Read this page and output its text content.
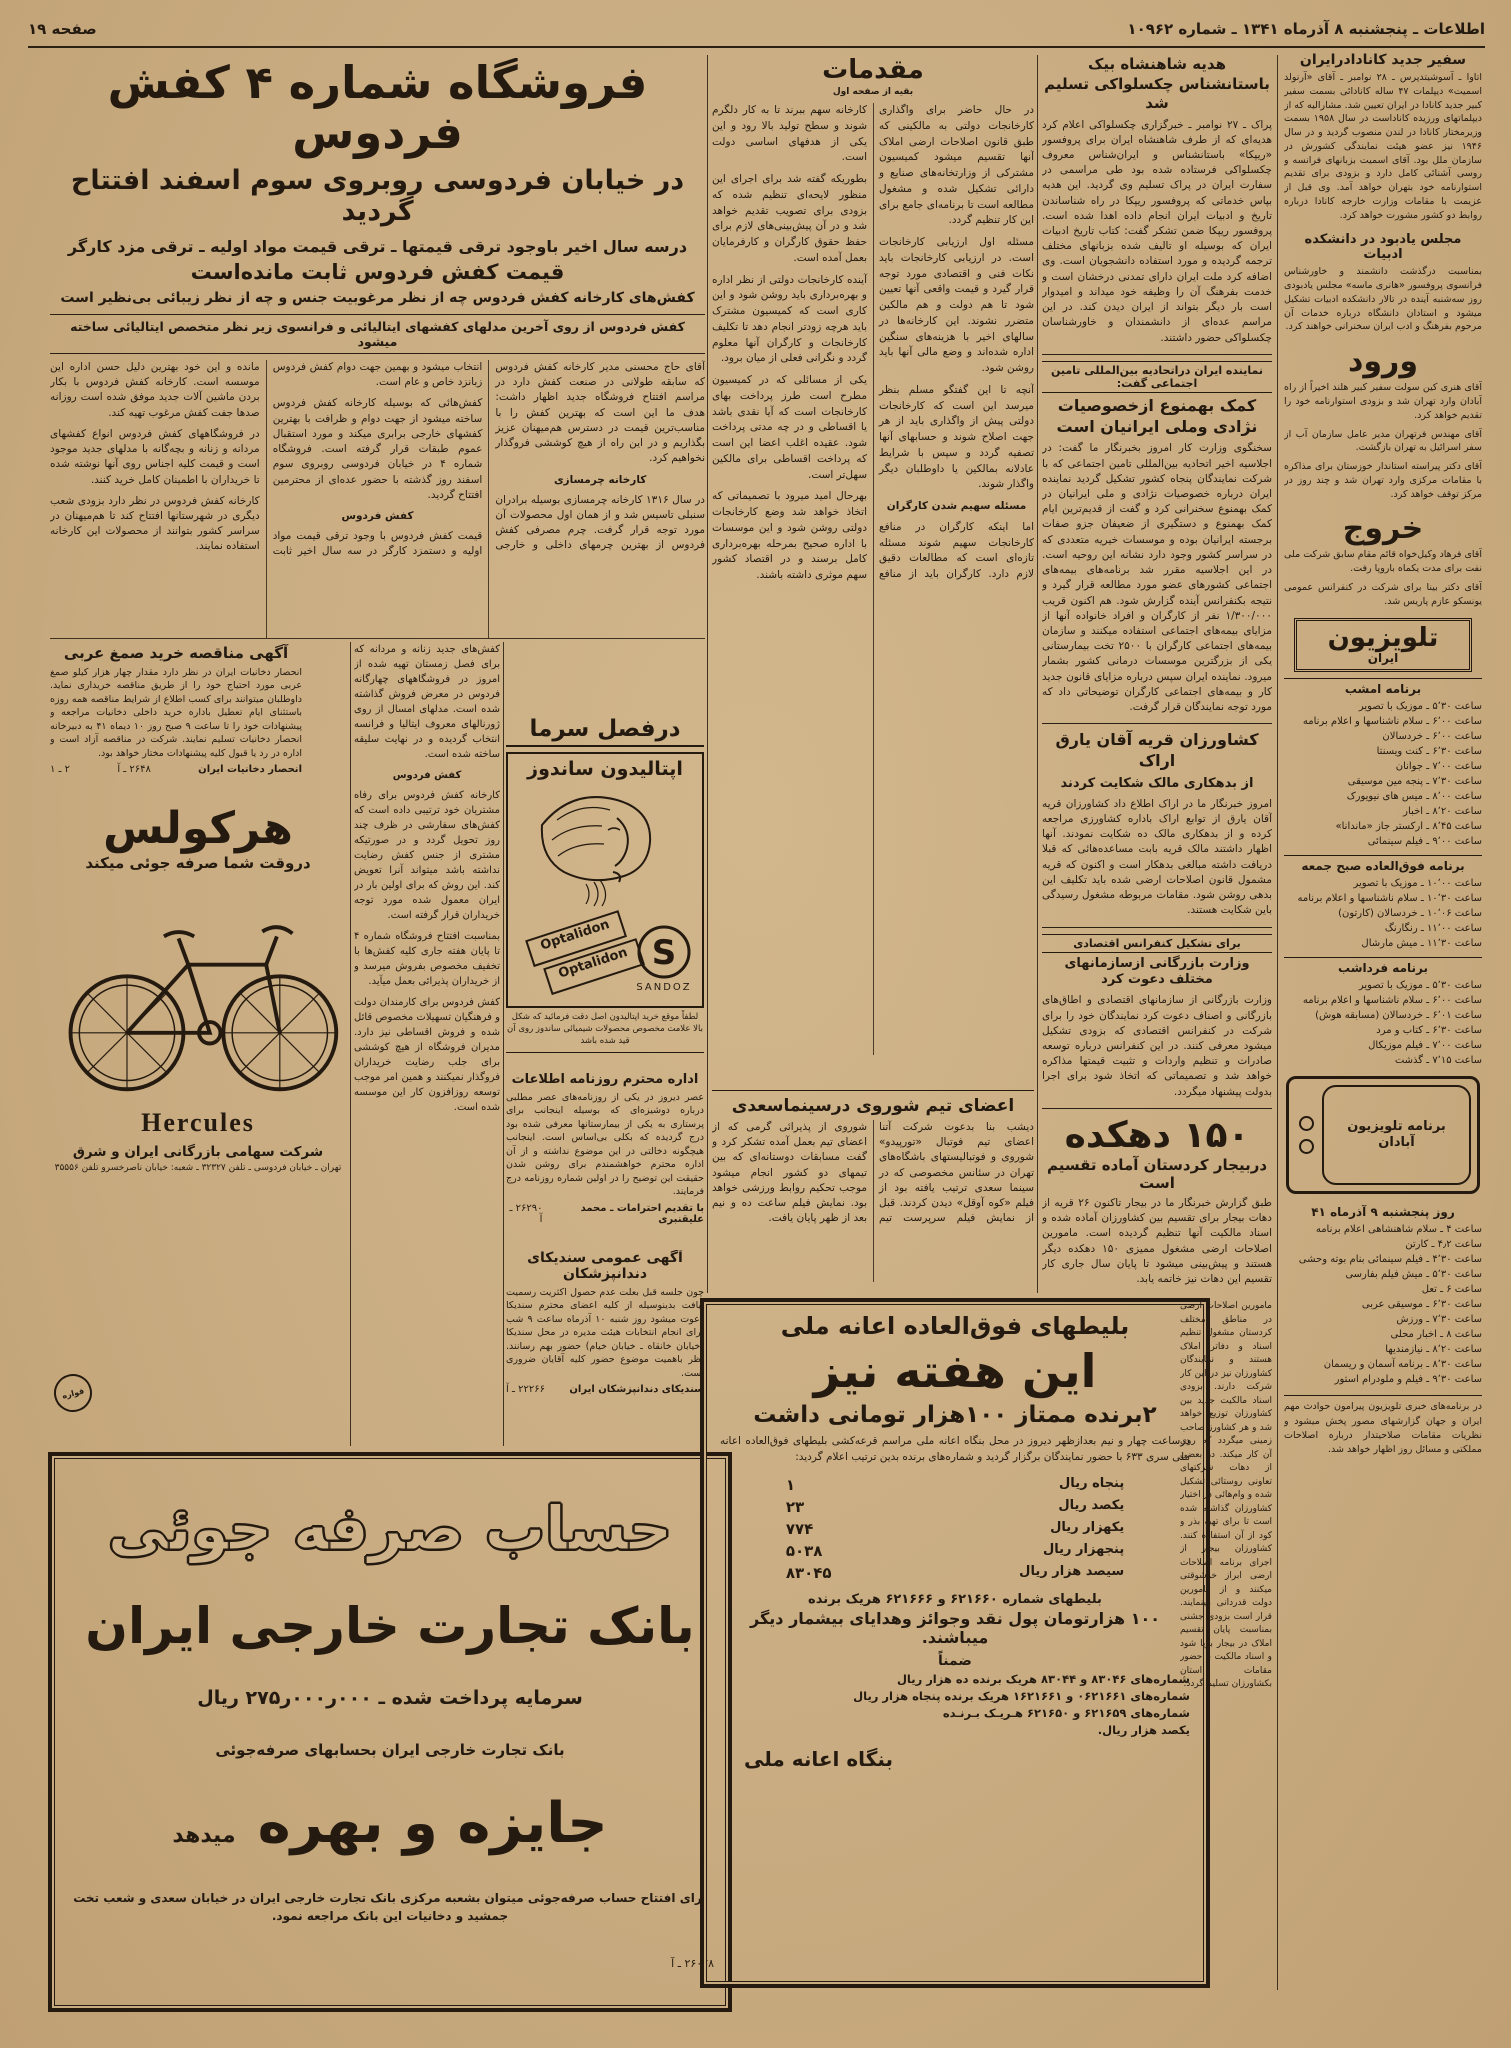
اطلاعات ـ پنجشنبه ۸ آذرماه ۱۳۴۱ ـ شماره ۱۰۹۶۲
صفحه ۱۹
فروشگاه شماره ۴ کفش فردوس
در خیابان فردوسی روبروی سوم اسفند افتتاح گردید
درسه سال اخیر باوجود ترقی قیمتها ـ ترقی قیمت مواد اولیه ـ ترقی مزد کارگر
قیمت کفش فردوس ثابت مانده‌است
کفش‌های کارخانه کفش فردوس چه از نظر مرغوبیت جنس و چه از نظر زیبائی بی‌نظیر است
کفش فردوس از روی آخرین مدلهای کفشهای ایتالیائی و فرانسوی زیر نظر متخصص ایتالیائی ساخته میشود

آقای حاج محسنی مدیر کارخانه کفش فردوس که سابقه طولانی در صنعت کفش دارد در مراسم افتتاح فروشگاه جدید اظهار داشت: هدف ما این است که بهترین کفش را با مناسب‌ترین قیمت در دسترس هم‌میهنان عزیز بگذاریم و در این راه از هیچ کوششی فروگذار نخواهیم کرد.

کارخانه چرمسازی

در سال ۱۳۱۶ کارخانه چرمسازی بوسیله برادران سنبلی تاسیس شد و از همان اول محصولات آن مورد توجه قرار گرفت. چرم مصرفی کفش فردوس از بهترین چرمهای داخلی و خارجی انتخاب میشود و بهمین جهت دوام کفش فردوس زبانزد خاص و عام است.

کفش‌هائی که بوسیله کارخانه کفش فردوس ساخته میشود از جهت دوام و ظرافت با بهترین کفشهای خارجی برابری میکند و مورد استقبال عموم طبقات قرار گرفته است. فروشگاه شماره ۴ در خیابان فردوسی روبروی سوم اسفند روز گذشته با حضور عده‌ای از محترمین افتتاح گردید.

کفش فردوس

قیمت کفش فردوس با وجود ترقی قیمت مواد اولیه و دستمزد کارگر در سه سال اخیر ثابت مانده و این خود بهترین دلیل حسن اداره این موسسه است. کارخانه کفش فردوس با بکار بردن ماشین آلات جدید موفق شده است روزانه صدها جفت کفش مرغوب تهیه کند.

در فروشگاههای کفش فردوس انواع کفشهای مردانه و زنانه و بچه‌گانه با مدلهای جدید موجود است و قیمت کلیه اجناس روی آنها نوشته شده تا خریداران با اطمینان کامل خرید کنند.

کارخانه کفش فردوس در نظر دارد بزودی شعب دیگری در شهرستانها افتتاح کند تا هم‌میهنان در سراسر کشور بتوانند از محصولات این کارخانه استفاده نمایند.

آگهی مناقصه خرید صمغ عربی
انحصار دخانیات ایران در نظر دارد مقدار چهار هزار کیلو صمغ عربی مورد احتیاج خود را از طریق مناقصه خریداری نماید. داوطلبان میتوانند برای کسب اطلاع از شرایط مناقصه همه روزه باستثنای ایام تعطیل باداره خرید داخلی دخانیات مراجعه و پیشنهادات خود را تا ساعت ۹ صبح روز ۱۰ دیماه ۴۱ به دبیرخانه انحصار دخانیات تسلیم نمایند. شرکت در مناقصه آزاد است و اداره در رد یا قبول کلیه پیشنهادات مختار خواهد بود.
انحصار دخانیات ایران
۲۶۴۸ ـ آ
۲ ـ ۱
هرکولس
دروقت شما صرفه جوئی میکند
Hercules
شرکت سهامی بازرگانی ایران و شرق
تهران ـ خیابان فردوسی ـ تلفن ۳۲۳۲۷ ـ شعبه: خیابان ناصرخسرو تلفن ۳۵۵۵۶
قواره

کفش‌های جدید زنانه و مردانه که برای فصل زمستان تهیه شده از امروز در فروشگاههای چهارگانه فردوس در معرض فروش گذاشته شده است. مدلهای امسال از روی ژورنالهای معروف ایتالیا و فرانسه انتخاب گردیده و در نهایت سلیقه ساخته شده است.

کفش فردوس

کارخانه کفش فردوس برای رفاه مشتریان خود ترتیبی داده است که کفش‌های سفارشی در ظرف چند روز تحویل گردد و در صورتیکه مشتری از جنس کفش رضایت نداشته باشد میتواند آنرا تعویض کند. این روش که برای اولین بار در ایران معمول شده مورد توجه خریداران قرار گرفته است.

بمناسبت افتتاح فروشگاه شماره ۴ تا پایان هفته جاری کلیه کفش‌ها با تخفیف مخصوص بفروش میرسد و از خریداران پذیرائی بعمل میآید.

کفش فردوس برای کارمندان دولت و فرهنگیان تسهیلات مخصوص قائل شده و فروش اقساطی نیز دارد. مدیران فروشگاه از هیچ کوششی برای جلب رضایت خریداران فروگذار نمیکنند و همین امر موجب توسعه روزافزون کار این موسسه شده است.

درفصل سرما
اپتالیدون ساندوز
Optalidon
Optalidon S
SANDOZ
لطفاً موقع خرید اپتالیدون اصل دقت فرمائید که شکل بالا علامت مخصوص محصولات شیمیائی ساندوز روی آن قید شده باشد
اداره محترم روزنامه اطلاعات
عصر دیروز در یکی از روزنامه‌های عصر مطلبی درباره دوشیزه‌ای که بوسیله اینجانب برای پرستاری به یکی از بیمارستانها معرفی شده بود درج گردیده که بکلی بی‌اساس است. اینجانب هیچگونه دخالتی در این موضوع نداشته و از آن اداره محترم خواهشمندم برای روشن شدن حقیقت این توضیح را در اولین شماره روزنامه درج فرمایند.
با تقدیم احترامات ـ محمد علیقنبری
۲۶۲۹۰ ـ آ
آگهی عمومی سندیکای دندانپزشکان
چون جلسه قبل بعلت عدم حصول اکثریت رسمیت نیافت بدینوسیله از کلیه اعضای محترم سندیکا دعوت میشود روز شنبه ۱۰ آذرماه ساعت ۹ شب برای انجام انتخابات هیئت مدیره در محل سندیکا (خیابان خانقاه ـ خیابان خیام) حضور بهم رسانند. نظر باهمیت موضوع حضور کلیه آقایان ضروری است.
سندیکای دندانپزشکان ایران
۲۲۲۶۶ ـ آ
حساب صرفه جوئی
بانک تجارت خارجی ایران
سرمایه پرداخت شده ـ ۰۰۰ر۰۰۰ر۲۷۵ ریال
بانک تجارت خارجی ایران بحسابهای صرفه‌جوئی
جایزه و بهره
میدهد
برای افتتاح حساب صرفه‌جوئی میتوان بشعبه مرکزی بانک تجارت خارجی ایران در خیابان سعدی و شعب تخت جمشید و دخانیات این بانک مراجعه نمود.
۲۶۰۷۸ ـ آ
بلیطهای فوق‌العاده اعانه ملی
این هفته نیز
۲برنده ممتاز ۱۰۰هزار تومانی داشت
درساعت چهار و نیم بعدازظهر دیروز در محل بنگاه اعانه ملی مراسم قرعه‌کشی بلیطهای فوق‌العاده اعانه ملی سری ۶۳۳ با حضور نمایندگان برگزار گردید و شماره‌های برنده بدین ترتیب اعلام گردید:
پنجاه ریال
۱
یکصد ریال
۲۳
یکهزار ریال
۷۷۴
پنجهزار ریال
۵۰۳۸
سیصد هزار ریال
۸۳۰۴۵
بلیطهای شماره ۶۲۱۶۶۰ و ۶۲۱۶۶۶ هریک برنده
۱۰۰ هزارتومان پول نقد وجوائز وهدایای بیشمار دیگر میباشند.
ضمناً
شماره‌های ۸۳۰۴۶ و ۸۳۰۴۴ هریک برنده ده هزار ریال
شماره‌های ۰۶۲۱۶۶۱ و ۱۶۲۱۶۶۱ هریک برنده پنجاه هزار ریال
شماره‌های ۶۲۱۶۵۹ و ۶۲۱۶۵۰ هـریـک بـرنـده
یکصد هزار ریال.
بنگاه اعانه ملی
مقدمات
بقیه از صفحه اول

در حال حاضر برای واگذاری کارخانجات دولتی به مالکینی که طبق قانون اصلاحات ارضی املاک آنها تقسیم میشود کمیسیون مشترکی از وزارتخانه‌های صنایع و دارائی تشکیل شده و مشغول مطالعه است تا برنامه‌ای جامع برای این کار تنظیم گردد.

مسئله اول ارزیابی کارخانجات است. در ارزیابی کارخانجات باید نکات فنی و اقتصادی مورد توجه قرار گیرد و قیمت واقعی آنها تعیین شود تا هم دولت و هم مالکین متضرر نشوند. این کارخانه‌ها در سالهای اخیر با هزینه‌های سنگین اداره شده‌اند و وضع مالی آنها باید روشن شود.

آنچه تا این گفتگو مسلم بنظر میرسد این است که کارخانجات دولتی پیش از واگذاری باید از هر جهت اصلاح شوند و حسابهای آنها تصفیه گردد و سپس با شرایط عادلانه بمالکین یا داوطلبان دیگر واگذار شوند.

مسئله سهیم شدن کارگران

اما اینکه کارگران در منافع کارخانجات سهیم شوند مسئله تازه‌ای است که مطالعات دقیق لازم دارد. کارگران باید از منافع کارخانه سهم ببرند تا به کار دلگرم شوند و سطح تولید بالا رود و این یکی از هدفهای اساسی دولت است.

بطوریکه گفته شد برای اجرای این منظور لایحه‌ای تنظیم شده که بزودی برای تصویب تقدیم خواهد شد و در آن پیش‌بینی‌های لازم برای حفظ حقوق کارگران و کارفرمایان بعمل آمده است.

آینده کارخانجات دولتی از نظر اداره و بهره‌برداری باید روشن شود و این کاری است که کمیسیون مشترک باید هرچه زودتر انجام دهد تا تکلیف کارخانجات و کارگران آنها معلوم گردد و نگرانی فعلی از میان برود.

یکی از مسائلی که در کمیسیون مطرح است طرز پرداخت بهای کارخانجات است که آیا نقدی باشد یا اقساطی و در چه مدتی پرداخت شود. عقیده اغلب اعضا این است که پرداخت اقساطی برای مالکین سهل‌تر است.

بهرحال امید میرود با تصمیماتی که اتخاذ خواهد شد وضع کارخانجات دولتی روشن شود و این موسسات با اداره صحیح بمرحله بهره‌برداری کامل برسند و در اقتصاد کشور سهم موثری داشته باشند.

اعضای تیم شوروی درسینماسعدی
دیشب بنا بدعوت شرکت آتنا اعضای تیم فوتبال «تورپیدو» شوروی و فوتبالیستهای باشگاه‌های تهران در سئانس مخصوصی که در سینما سعدی ترتیب یافته بود از فیلم «کوه آوقل» دیدن کردند. قبل از نمایش فیلم سرپرست تیم شوروی از پذیرائی گرمی که از اعضای تیم بعمل آمده تشکر کرد و گفت مسابقات دوستانه‌ای که بین تیمهای دو کشور انجام میشود موجب تحکیم روابط ورزشی خواهد بود. نمایش فیلم ساعت ده و نیم بعد از ظهر پایان یافت.
هدیه شاهنشاه بیک باستانشناس چکسلواکی تسلیم شد
پراک ـ ۲۷ نوامبر ـ خبرگزاری چکسلواکی اعلام کرد هدیه‌ای که از طرف شاهنشاه ایران برای پروفسور «ریپکا» باستانشناس و ایران‌شناس معروف چکسلواکی فرستاده شده بود طی مراسمی در سفارت ایران در پراک تسلیم وی گردید. این هدیه بپاس خدماتی که پروفسور ریپکا در راه شناساندن تاریخ و ادبیات ایران انجام داده اهدا شده است. پروفسور ریپکا ضمن تشکر گفت: کتاب تاریخ ادبیات ایران که بوسیله او تالیف شده بزبانهای مختلف ترجمه گردیده و مورد استفاده دانشجویان است. وی اضافه کرد ملت ایران دارای تمدنی درخشان است و خدمت بفرهنگ آن را وظیفه خود میداند و امیدوار است بار دیگر بتواند از ایران دیدن کند. در این مراسم عده‌ای از دانشمندان و خاورشناسان چکسلواکی حضور داشتند.
نماینده ایران دراتحادیه بین‌المللی تامین اجتماعی گفت:
کمک بهمنوع ازخصوصیات نژادی وملی ایرانیان است
سخنگوی وزارت کار امروز بخبرنگار ما گفت: در اجلاسیه اخیر اتحادیه بین‌المللی تامین اجتماعی که با شرکت نمایندگان پنجاه کشور تشکیل گردید نماینده ایران درباره خصوصیات نژادی و ملی ایرانیان در کمک بهمنوع سخنرانی کرد و گفت از قدیم‌ترین ایام کمک بهمنوع و دستگیری از ضعیفان جزو صفات برجسته ایرانیان بوده و موسسات خیریه متعددی که در سراسر کشور وجود دارد نشانه این روحیه است. در این اجلاسیه مقرر شد برنامه‌های بیمه‌های اجتماعی کشورهای عضو مورد مطالعه قرار گیرد و نتیجه بکنفرانس آینده گزارش شود. هم اکنون قریب ۱/۳۰۰/۰۰۰ نفر از کارگران و افراد خانواده آنها از مزایای بیمه‌های اجتماعی استفاده میکنند و سازمان بیمه‌های اجتماعی کارگران با ۲۵۰۰ تخت بیمارستانی یکی از بزرگترین موسسات درمانی کشور بشمار میرود. نماینده ایران سپس درباره مزایای قانون جدید کار و بیمه‌های اجتماعی کارگران توضیحاتی داد که مورد توجه نمایندگان قرار گرفت.
کشاورزان قریه آقان یارق اراک
از بدهکاری مالک شکایت کردند
امروز خبرنگار ما در اراک اطلاع داد کشاورزان قریه آقان یارق از توابع اراک باداره کشاورزی مراجعه کرده و از بدهکاری مالک ده شکایت نمودند. آنها اظهار داشتند مالک قریه بابت مساعده‌هائی که قبلا دریافت داشته مبالغی بدهکار است و اکنون که قریه مشمول قانون اصلاحات ارضی شده باید تکلیف این بدهی روشن شود. مقامات مربوطه مشغول رسیدگی باین شکایت هستند.
برای تشکیل کنفرانس اقتصادی
وزارت بازرگانی ازسازمانهای مختلف دعوت کرد
وزارت بازرگانی از سازمانهای اقتصادی و اطاق‌های بازرگانی و اصناف دعوت کرد نمایندگان خود را برای شرکت در کنفرانس اقتصادی که بزودی تشکیل میشود معرفی کنند. در این کنفرانس درباره توسعه صادرات و تنظیم واردات و تثبیت قیمتها مذاکره خواهد شد و تصمیماتی که اتخاذ شود برای اجرا بدولت پیشنهاد میگردد.
۱۵۰ دهکده
دربیجار کردستان آماده تقسیم است
طبق گزارش خبرنگار ما در بیجار تاکنون ۲۶ قریه از دهات بیجار برای تقسیم بین کشاورزان آماده شده و اسناد مالکیت آنها تنظیم گردیده است. مامورین اصلاحات ارضی مشغول ممیزی ۱۵۰ دهکده دیگر هستند و پیش‌بینی میشود تا پایان سال جاری کار تقسیم این دهات نیز خاتمه یابد.
مامورین اصلاحات ارضی در مناطق مختلف کردستان مشغول تنظیم اسناد و دفاتر املاک هستند و نمایندگان کشاورزان نیز در این کار شرکت دارند. بزودی اسناد مالکیت جدید بین کشاورزان توزیع خواهد شد و هر کشاورز صاحب زمینی میگردد که روی آن کار میکند. در بعضی از دهات شرکتهای تعاونی روستائی تشکیل شده و وام‌هائی در اختیار کشاورزان گذاشته شده است تا برای تهیه بذر و کود از آن استفاده کنند. کشاورزان بیجار از اجرای برنامه اصلاحات ارضی ابراز خوشوقتی میکنند و از مامورین دولت قدردانی مینمایند. قرار است بزودی جشنی بمناسبت پایان تقسیم املاک در بیجار برپا شود و اسناد مالکیت با حضور مقامات استان بکشاورزان تسلیم گردد.
سفیر جدید کانادادرایران
اتاوا ـ آسوشیتدپرس ـ ۲۸ نوامبر ـ آقای «آرنولد اسمیت» دیپلمات ۴۷ ساله کانادائی بسمت سفیر کبیر جدید کانادا در ایران تعیین شد. مشارالیه که از دیپلماتهای ورزیده کاناداست در سال ۱۹۵۸ بسمت وزیرمختار کانادا در لندن منصوب گردید و در سال ۱۹۴۶ نیز عضو هیئت نمایندگی کشورش در سازمان ملل بود. آقای اسمیت بزبانهای فرانسه و روسی آشنائی کامل دارد و بزودی برای تقدیم استوارنامه خود بتهران خواهد آمد. وی قبل از عزیمت با مقامات وزارت خارجه کانادا درباره روابط دو کشور مشورت خواهد کرد.
مجلس یادبود در دانشکده ادبیات
بمناسبت درگذشت دانشمند و خاورشناس فرانسوی پروفسور «هانری ماسه» مجلس یادبودی روز سه‌شنبه آینده در تالار دانشکده ادبیات تشکیل میشود و استادان دانشگاه درباره خدمات آن مرحوم بفرهنگ و ادب ایران سخنرانی خواهند کرد.
ورود
آقای هنری کین سولت سفیر کبیر هلند اخیراً از راه آبادان وارد تهران شد و بزودی استوارنامه خود را تقدیم خواهد کرد.
آقای مهندس فرتهران مدیر عامل سازمان آب از سفر اسرائیل به تهران بازگشت.
آقای دکتر پیراسته استاندار خوزستان برای مذاکره با مقامات مرکزی وارد تهران شد و چند روز در مرکز توقف خواهد کرد.
خروج
آقای فرهاد وکیل‌خواه قائم مقام سابق شرکت ملی نفت برای مدت یکماه باروپا رفت.
آقای دکتر بینا برای شرکت در کنفرانس عمومی یونسکو عازم پاریس شد.
تلویزیون
ایران
برنامه امشب
ساعت ۵٬۳۰ ـ موزیک با تصویر
ساعت ۶٬۰۰ ـ سلام ناشناسها و اعلام برنامه
ساعت ۶٬۰۰ ـ خردسالان
ساعت ۶٬۳۰ ـ کنت ویسنتا
ساعت ۷٬۰۰ ـ جوانان
ساعت ۷٬۳۰ ـ پنجه مین موسیقی
ساعت ۸٬۰۰ ـ میس های نیویورک
ساعت ۸٬۲۰ ـ اخبار
ساعت ۸٬۴۵ ـ ارکستر جاز «ماندانا»
ساعت ۹٬۰۰ ـ فیلم سینمائی
برنامه فوق‌العاده صبح جمعه
ساعت ۱۰٬۰۰ ـ موزیک با تصویر
ساعت ۱۰٬۳۰ ـ سلام ناشناسها و اعلام برنامه
ساعت ۱۰٬۰۶ ـ خردسالان (کارتون)
ساعت ۱۱٬۰۰ ـ رنگارنگ
ساعت ۱۱٬۳۰ ـ میش مارشال
برنامه فرداشب
ساعت ۵٬۳۰ ـ موزیک با تصویر
ساعت ۶٬۰۰ ـ سلام ناشناسها و اعلام برنامه
ساعت ۶٬۰۱ ـ خردسالان (مسابقه هوش)
ساعت ۶٬۳۰ ـ کتاب و مرد
ساعت ۷٬۰۰ ـ فیلم موزیکال
ساعت ۷٬۱۵ ـ گذشت
برنامه تلویزیون آبادان
روز پنجشنبه ۹ آذرماه ۴۱
ساعت ۴ ـ سلام شاهنشاهی اعلام برنامه
ساعت ۴٫۲ ـ کارتن
ساعت ۴٬۳۰ ـ فیلم سینمائی بنام بوته وحشی
ساعت ۵٬۳۰ ـ میش فیلم بفارسی
ساعت ۶ ـ تعل
ساعت ۶٬۳۰ ـ موسیقی عربی
ساعت ۷٬۳۰ ـ ورزش
ساعت ۸ ـ اخبار محلی
ساعت ۸٬۲۰ ـ نیازمندیها
ساعت ۸٬۳۰ ـ برنامه آسمان و ریسمان
ساعت ۹٬۳۰ ـ فیلم و ملودرام استور
در برنامه‌های خبری تلویزیون پیرامون حوادث مهم ایران و جهان گزارشهای مصور پخش میشود و نظریات مقامات صلاحیتدار درباره اصلاحات مملکتی و مسائل روز اظهار خواهد شد.
